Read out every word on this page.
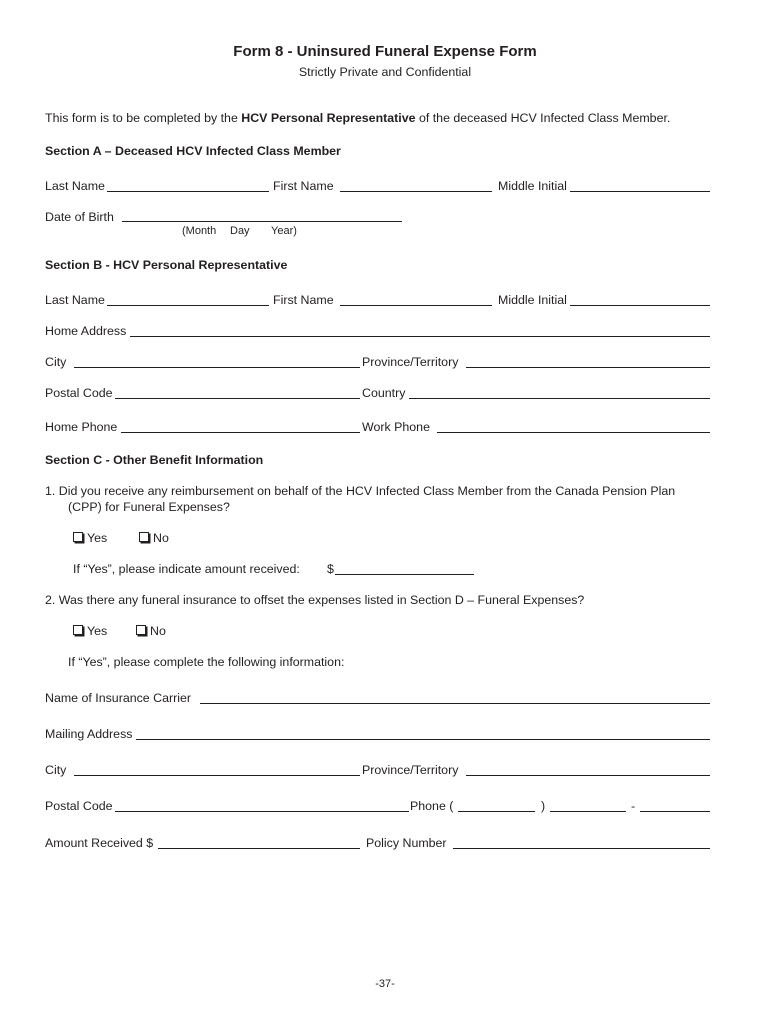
Form 8 - Uninsured Funeral Expense Form
Strictly Private and Confidential
This form is to be completed by the HCV Personal Representative of the deceased HCV Infected Class Member.
Section A – Deceased HCV Infected Class Member
Last Name	First Name	Middle Initial
Date of Birth
(Month Day Year)
Section B - HCV Personal Representative
Last Name	First Name	Middle Initial
Home Address
City	Province/Territory
Postal Code	Country
Home Phone	Work Phone
Section C - Other Benefit Information
1. Did you receive any reimbursement on behalf of the HCV Infected Class Member from the Canada Pension Plan
(CPP) for Funeral Expenses?
Yes	No
If “Yes”, please indicate amount received: $
2. Was there any funeral insurance to offset the expenses listed in Section D – Funeral Expenses?
Yes	No
If “Yes”, please complete the following information:
Name of Insurance Carrier
Mailing Address
City	Province/Territory
Postal Code	Phone (	)	-
Amount Received $	Policy Number
-37-
